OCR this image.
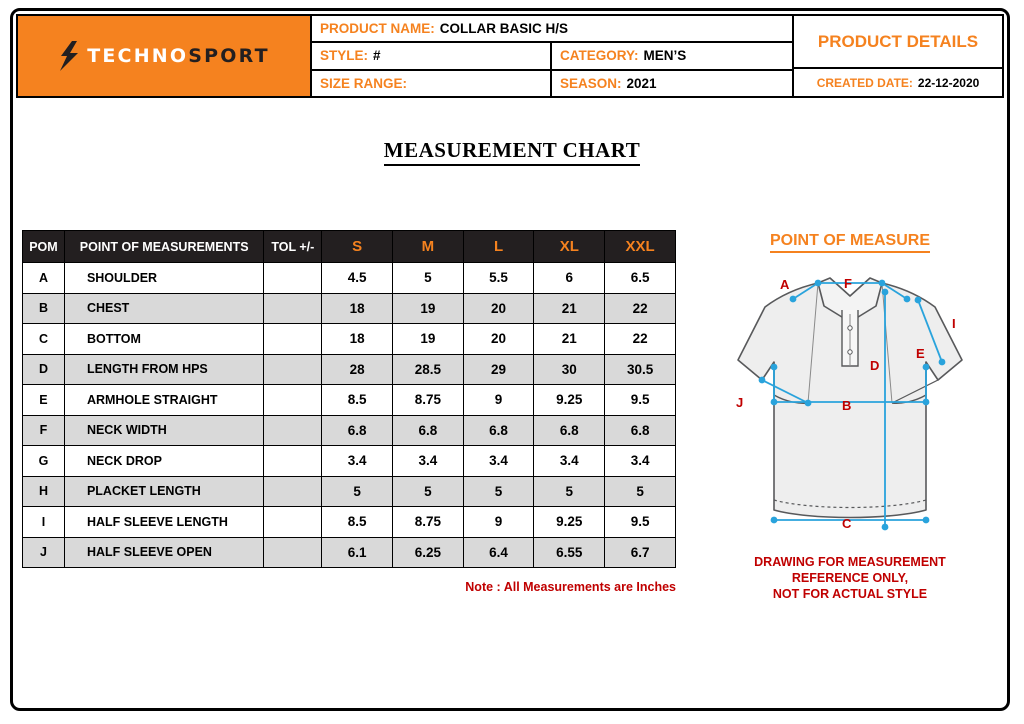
TECHNOSPORT
PRODUCT NAME: COLLAR BASIC H/S
STYLE: #	CATEGORY: MEN’S
SIZE RANGE:	SEASON: 2021
PRODUCT DETAILS
CREATED DATE: 22-12-2020
MEASUREMENT CHART
POM	POINT OF MEASUREMENTS	TOL +/-	S	M	L	XL	XXL
A	SHOULDER		4.5	5	5.5	6	6.5
B	CHEST		18	19	20	21	22
C	BOTTOM		18	19	20	21	22
D	LENGTH FROM HPS		28	28.5	29	30	30.5
E	ARMHOLE STRAIGHT		8.5	8.75	9	9.25	9.5
F	NECK WIDTH		6.8	6.8	6.8	6.8	6.8
G	NECK DROP		3.4	3.4	3.4	3.4	3.4
H	PLACKET LENGTH		5	5	5	5	5
I	HALF SLEEVE LENGTH		8.5	8.75	9	9.25	9.5
J	HALF SLEEVE OPEN		6.1	6.25	6.4	6.55	6.7
Note : All Measurements are Inches
POINT OF MEASURE
A
B
C
D
E
F
I
J
DRAWING FOR MEASUREMENT
REFERENCE ONLY,
NOT FOR ACTUAL STYLE
